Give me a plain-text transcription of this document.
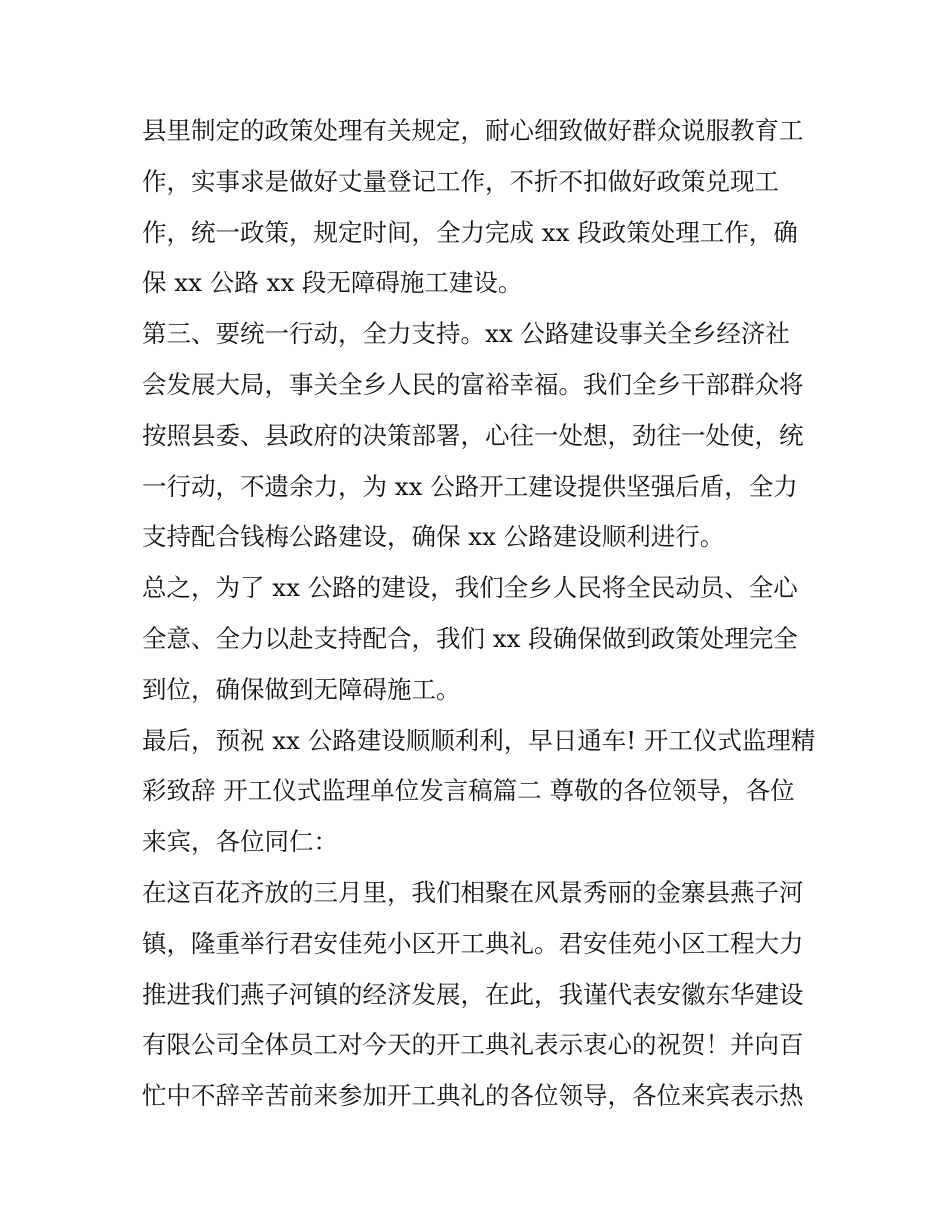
县里制定的政策处理有关规定，耐心细致做好群众说服教育工
作，实事求是做好丈量登记工作，不折不扣做好政策兑现工
作，统一政策，规定时间，全力完成 xx 段政策处理工作，确
保 xx 公路 xx 段无障碍施工建设。
第三、要统一行动，全力支持。xx 公路建设事关全乡经济社
会发展大局，事关全乡人民的富裕幸福。我们全乡干部群众将
按照县委、县政府的决策部署，心往一处想，劲往一处使，统
一行动，不遗余力，为 xx 公路开工建设提供坚强后盾，全力
支持配合钱梅公路建设，确保 xx 公路建设顺利进行。
总之，为了 xx 公路的建设，我们全乡人民将全民动员、全心
全意、全力以赴支持配合，我们 xx 段确保做到政策处理完全
到位，确保做到无障碍施工。
最后，预祝 xx 公路建设顺顺利利，早日通车! 开工仪式监理精
彩致辞 开工仪式监理单位发言稿篇二 尊敬的各位领导，各位
来宾，各位同仁：
在这百花齐放的三月里，我们相聚在风景秀丽的金寨县燕子河
镇，隆重举行君安佳苑小区开工典礼。君安佳苑小区工程大力
推进我们燕子河镇的经济发展，在此，我谨代表安徽东华建设
有限公司全体员工对今天的开工典礼表示衷心的祝贺！并向百
忙中不辞辛苦前来参加开工典礼的各位领导，各位来宾表示热
